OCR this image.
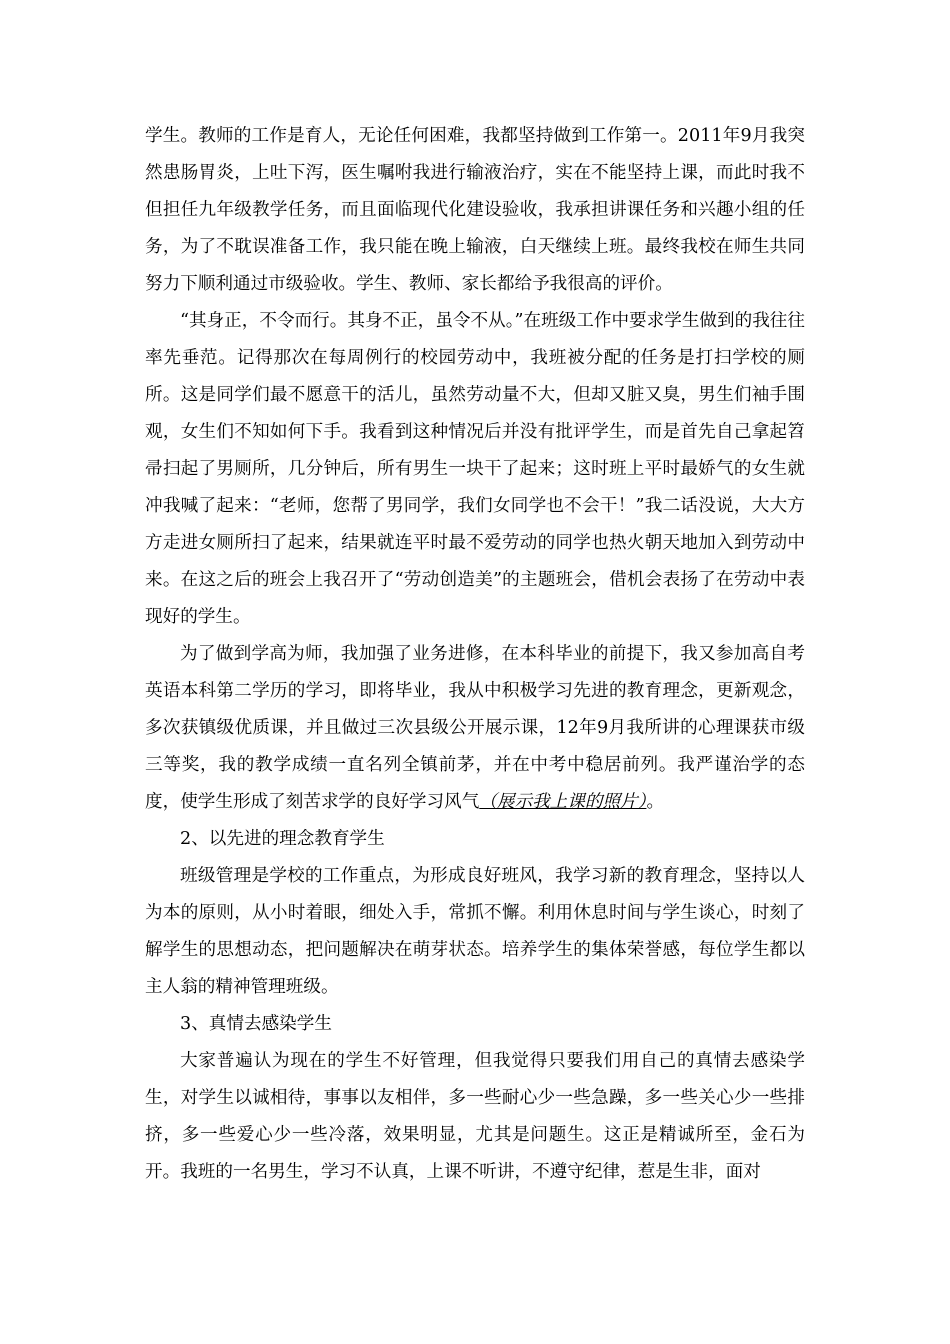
学生。教师的工作是育人，无论任何困难，我都坚持做到工作第一。2011年9月我突然患肠胃炎，上吐下泻，医生嘱咐我进行输液治疗，实在不能坚持上课，而此时我不但担任九年级教学任务，而且面临现代化建设验收，我承担讲课任务和兴趣小组的任务，为了不耽误准备工作，我只能在晚上输液，白天继续上班。最终我校在师生共同努力下顺利通过市级验收。学生、教师、家长都给予我很高的评价。

“其身正，不令而行。其身不正，虽令不从。”在班级工作中要求学生做到的我往往率先垂范。记得那次在每周例行的校园劳动中，我班被分配的任务是打扫学校的厕所。这是同学们最不愿意干的活儿，虽然劳动量不大，但却又脏又臭，男生们袖手围观，女生们不知如何下手。我看到这种情况后并没有批评学生，而是首先自己拿起笤帚扫起了男厕所，几分钟后，所有男生一块干了起来；这时班上平时最娇气的女生就冲我喊了起来：“老师，您帮了男同学，我们女同学也不会干！”我二话没说，大大方方走进女厕所扫了起来，结果就连平时最不爱劳动的同学也热火朝天地加入到劳动中来。在这之后的班会上我召开了“劳动创造美”的主题班会，借机会表扬了在劳动中表现好的学生。

为了做到学高为师，我加强了业务进修，在本科毕业的前提下，我又参加高自考英语本科第二学历的学习，即将毕业，我从中积极学习先进的教育理念，更新观念，多次获镇级优质课，并且做过三次县级公开展示课，12年9月我所讲的心理课获市级三等奖，我的教学成绩一直名列全镇前茅，并在中考中稳居前列。我严谨治学的态度，使学生形成了刻苦求学的良好学习风气（展示我上课的照片）。

2、以先进的理念教育学生

班级管理是学校的工作重点，为形成良好班风，我学习新的教育理念，坚持以人为本的原则，从小时着眼，细处入手，常抓不懈。利用休息时间与学生谈心，时刻了解学生的思想动态，把问题解决在萌芽状态。培养学生的集体荣誉感，每位学生都以主人翁的精神管理班级。

3、真情去感染学生

大家普遍认为现在的学生不好管理，但我觉得只要我们用自己的真情去感染学生，对学生以诚相待，事事以友相伴，多一些耐心少一些急躁，多一些关心少一些排挤，多一些爱心少一些冷落，效果明显，尤其是问题生。这正是精诚所至，金石为开。我班的一名男生，学习不认真，上课不听讲，不遵守纪律，惹是生非，面对
